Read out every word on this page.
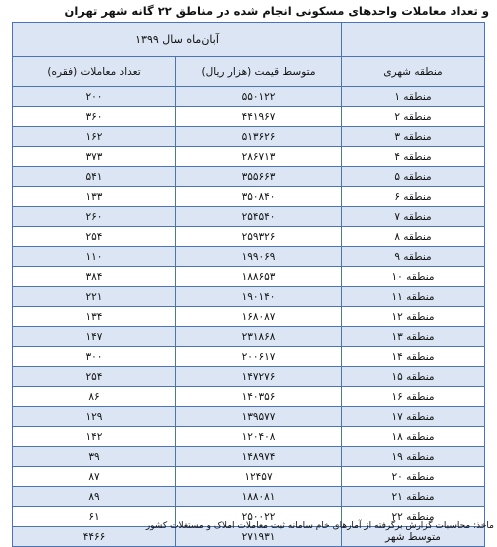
و تعداد معاملات واحدهای مسکونی انجام شده در مناطق ۲۲ گانه شهر تهران
	آبان‌ماه سال ۱۳۹۹	
منطقه شهری	متوسط قیمت (هزار ریال)	تعداد معاملات (فقره)
منطقه ۱	۵۵۰۱۲۲	۲۰۰
منطقه ۲	۴۴۱۹۶۷	۳۶۰
منطقه ۳	۵۱۳۶۲۶	۱۶۲
منطقه ۴	۲۸۶۷۱۳	۳۷۳
منطقه ۵	۳۵۵۶۶۳	۵۴۱
منطقه ۶	۳۵۰۸۴۰	۱۳۳
منطقه ۷	۲۵۴۵۴۰	۲۶۰
منطقه ۸	۲۵۹۳۲۶	۲۵۴
منطقه ۹	۱۹۹۰۶۹	۱۱۰
منطقه ۱۰	۱۸۸۶۵۳	۳۸۴
منطقه ۱۱	۱۹۰۱۴۰	۲۲۱
منطقه ۱۲	۱۶۸۰۸۷	۱۳۴
منطقه ۱۳	۲۳۱۸۶۸	۱۴۷
منطقه ۱۴	۲۰۰۶۱۷	۳۰۰
منطقه ۱۵	۱۴۷۲۷۶	۲۵۴
منطقه ۱۶	۱۴۰۳۵۶	۸۶
منطقه ۱۷	۱۳۹۵۷۷	۱۲۹
منطقه ۱۸	۱۲۰۴۰۸	۱۴۲
منطقه ۱۹	۱۴۸۹۷۴	۳۹
منطقه ۲۰	۱۲۴۵۷	۸۷
منطقه ۲۱	۱۸۸۰۸۱	۸۹
منطقه ۲۲	۲۵۰۰۲۲	۶۱
متوسط شهر	۲۷۱۹۳۱	۴۴۶۶
ماخذ: محاسبات گزارش برگرفته از آمارهای خام سامانه ثبت معاملات املاک و مستغلات کشور
